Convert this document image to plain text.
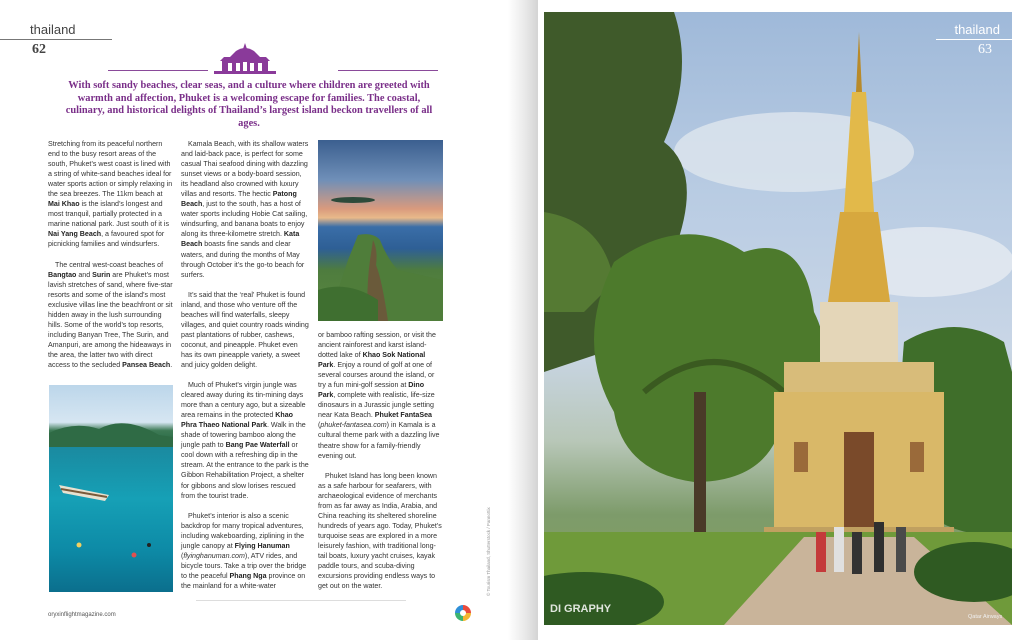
thailand
62
With soft sandy beaches, clear seas, and a culture where children are greeted with warmth and affection, Phuket is a welcoming escape for families. The coastal, culinary, and historical delights of Thailand’s largest island beckon travellers of all ages.

Stretching from its peaceful northern end to the busy resort areas of the south, Phuket’s west coast is lined with a string of white-sand beaches ideal for water sports action or simply relaxing in the sea breezes. The 11km beach at Mai Khao is the island’s longest and most tranquil, partially protected in a marine national park. Just south of it is Nai Yang Beach, a favoured spot for picnicking families and windsurfers.

The central west-coast beaches of Bangtao and Surin are Phuket’s most lavish stretches of sand, where five-star resorts and some of the island’s most exclusive villas line the beachfront or sit hidden away in the lush surrounding hills. Some of the world’s top resorts, including Banyan Tree, The Surin, and Amanpuri, are among the hideaways in the area, the latter two with direct access to the secluded Pansea Beach.

Kamala Beach, with its shallow waters and laid-back pace, is perfect for some casual Thai seafood dining with dazzling sunset views or a body-board session, its headland also crowned with luxury villas and resorts. The hectic Patong Beach, just to the south, has a host of water sports including Hobie Cat sailing, windsurfing, and banana boats to enjoy along its three-kilometre stretch. Kata Beach boasts fine sands and clear waters, and during the months of May through October it’s the go-to beach for surfers.

It’s said that the ‘real’ Phuket is found inland, and those who venture off the beaches will find waterfalls, sleepy villages, and quiet country roads winding past plantations of rubber, cashews, coconut, and pineapple. Phuket even has its own pineapple variety, a sweet and juicy golden delight.

Much of Phuket’s virgin jungle was cleared away during its tin-mining days more than a century ago, but a sizeable area remains in the protected Khao Phra Thaeo National Park. Walk in the shade of towering bamboo along the jungle path to Bang Pae Waterfall or cool down with a refreshing dip in the stream. At the entrance to the park is the Gibbon Rehabilitation Project, a shelter for gibbons and slow lorises rescued from the tourist trade.

Phuket’s interior is also a scenic backdrop for many tropical adventures, including wakeboarding, ziplining in the jungle canopy at Flying Hanuman (flyinghanuman.com), ATV rides, and bicycle tours. Take a trip over the bridge to the peaceful Phang Nga province on the mainland for a white-water

or bamboo rafting session, or visit the ancient rainforest and karst island-dotted lake of Khao Sok National Park. Enjoy a round of golf at one of several courses around the island, or try a fun mini-golf session at Dino Park, complete with realistic, life-size dinosaurs in a Jurassic jungle setting near Kata Beach. Phuket FantaSea (phuket-fantasea.com) in Kamala is a cultural theme park with a dazzling live theatre show for a family-friendly evening out.

Phuket Island has long been known as a safe harbour for seafarers, with archaeological evidence of merchants from as far away as India, Arabia, and China reaching its sheltered shoreline hundreds of years ago. Today, Phuket’s turquoise seas are explored in a more leisurely fashion, with traditional long-tail boats, luxury yacht cruises, kayak paddle tours, and scuba-diving excursions providing endless ways to get out on the water.

oryxinflightmagazine.com
© Tourism Thailand, Shutterstock / Pannottix
DI GRAPHY
thailand
63
Qatar Airways
